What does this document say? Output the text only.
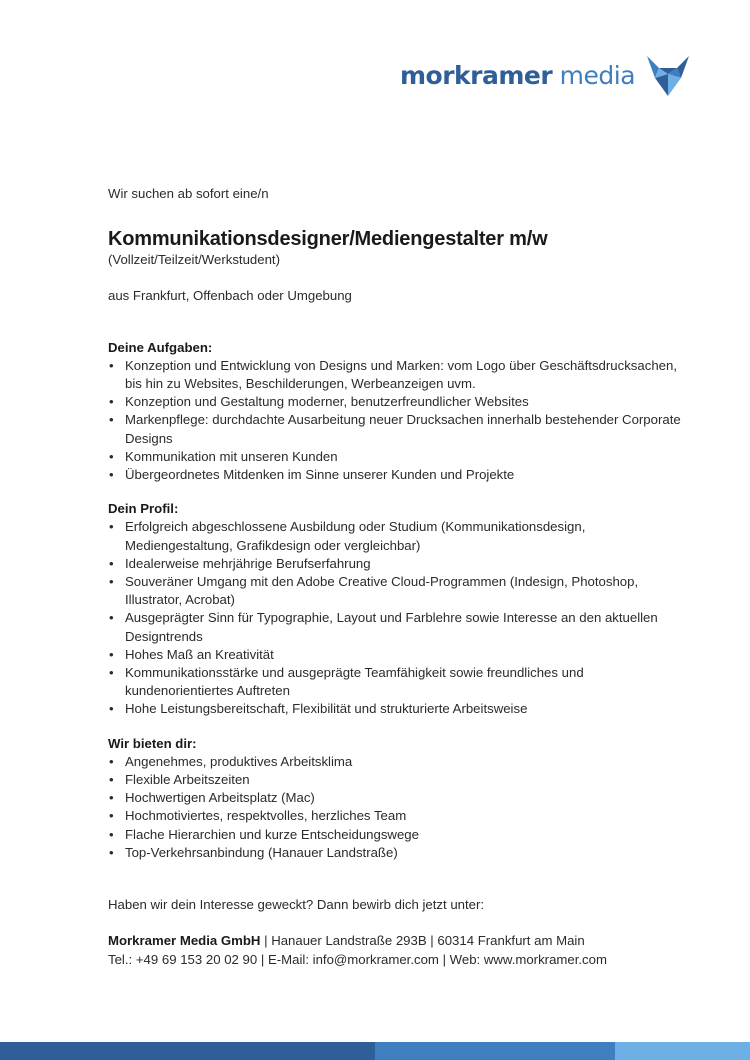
morkramer media

Wir suchen ab sofort eine/n

Kommunikationsdesigner/Mediengestalter m/w

(Vollzeit/Teilzeit/Werkstudent)

aus Frankfurt, Offenbach oder Umgebung

Deine Aufgaben:

• Konzeption und Entwicklung von Designs und Marken: vom Logo über Geschäftsdrucksachen, bis hin zu Websites, Beschilderungen, Werbeanzeigen uvm.
• Konzeption und Gestaltung moderner, benutzerfreundlicher Websites
• Markenpflege: durchdachte Ausarbeitung neuer Drucksachen innerhalb bestehender Corporate Designs
• Kommunikation mit unseren Kunden
• Übergeordnetes Mitdenken im Sinne unserer Kunden und Projekte

Dein Profil:

• Erfolgreich abgeschlossene Ausbildung oder Studium (Kommunikationsdesign, Mediengestaltung, Grafikdesign oder vergleichbar)
• Idealerweise mehrjährige Berufserfahrung
• Souveräner Umgang mit den Adobe Creative Cloud-Programmen (Indesign, Photoshop, Illustrator, Acrobat)
• Ausgeprägter Sinn für Typographie, Layout und Farblehre sowie Interesse an den aktuellen Designtrends
• Hohes Maß an Kreativität
• Kommunikationsstärke und ausgeprägte Teamfähigkeit sowie freundliches und kundenorientiertes Auftreten
• Hohe Leistungsbereitschaft, Flexibilität und strukturierte Arbeitsweise

Wir bieten dir:

• Angenehmes, produktives Arbeitsklima
• Flexible Arbeitszeiten
• Hochwertigen Arbeitsplatz (Mac)
• Hochmotiviertes, respektvolles, herzliches Team
• Flache Hierarchien und kurze Entscheidungswege
• Top-Verkehrsanbindung (Hanauer Landstraße)

Haben wir dein Interesse geweckt? Dann bewirb dich jetzt unter:

Morkramer Media GmbH | Hanauer Landstraße 293B | 60314 Frankfurt am Main

Tel.: +49 69 153 20 02 90 | E-Mail: info@morkramer.com | Web: www.morkramer.com
